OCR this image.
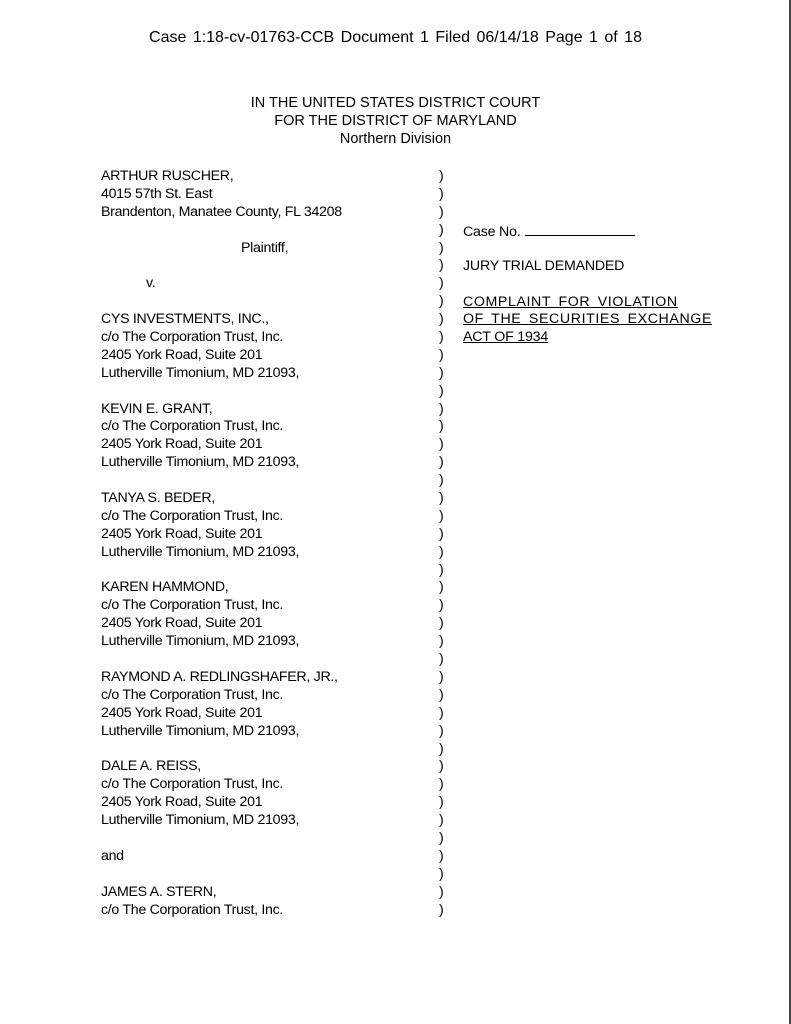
Case 1:18-cv-01763-CCB Document 1 Filed 06/14/18 Page 1 of 18
IN THE UNITED STATES DISTRICT COURT
FOR THE DISTRICT OF MARYLAND
Northern Division
ARTHUR RUSCHER,
4015 57th St. East
Brandenton, Manatee County, FL 34208
Plaintiff,
v.
CYS INVESTMENTS, INC.,
c/o The Corporation Trust, Inc.
2405 York Road, Suite 201
Lutherville Timonium, MD 21093,
KEVIN E. GRANT,
c/o The Corporation Trust, Inc.
2405 York Road, Suite 201
Lutherville Timonium, MD 21093,
TANYA S. BEDER,
c/o The Corporation Trust, Inc.
2405 York Road, Suite 201
Lutherville Timonium, MD 21093,
KAREN HAMMOND,
c/o The Corporation Trust, Inc.
2405 York Road, Suite 201
Lutherville Timonium, MD 21093,
RAYMOND A. REDLINGSHAFER, JR.,
c/o The Corporation Trust, Inc.
2405 York Road, Suite 201
Lutherville Timonium, MD 21093,
DALE A. REISS,
c/o The Corporation Trust, Inc.
2405 York Road, Suite 201
Lutherville Timonium, MD 21093,
and
JAMES A. STERN,
c/o The Corporation Trust, Inc.
)
)
)
)
)
)
)
)
)
)
)
)
)
)
)
)
)
)
)
)
)
)
)
)
)
)
)
)
)
)
)
)
)
)
)
)
)
)
)
)
)
)
Case No.
JURY TRIAL DEMANDED
COMPLAINT FOR VIOLATION
OF THE SECURITIES EXCHANGE
ACT OF 1934
